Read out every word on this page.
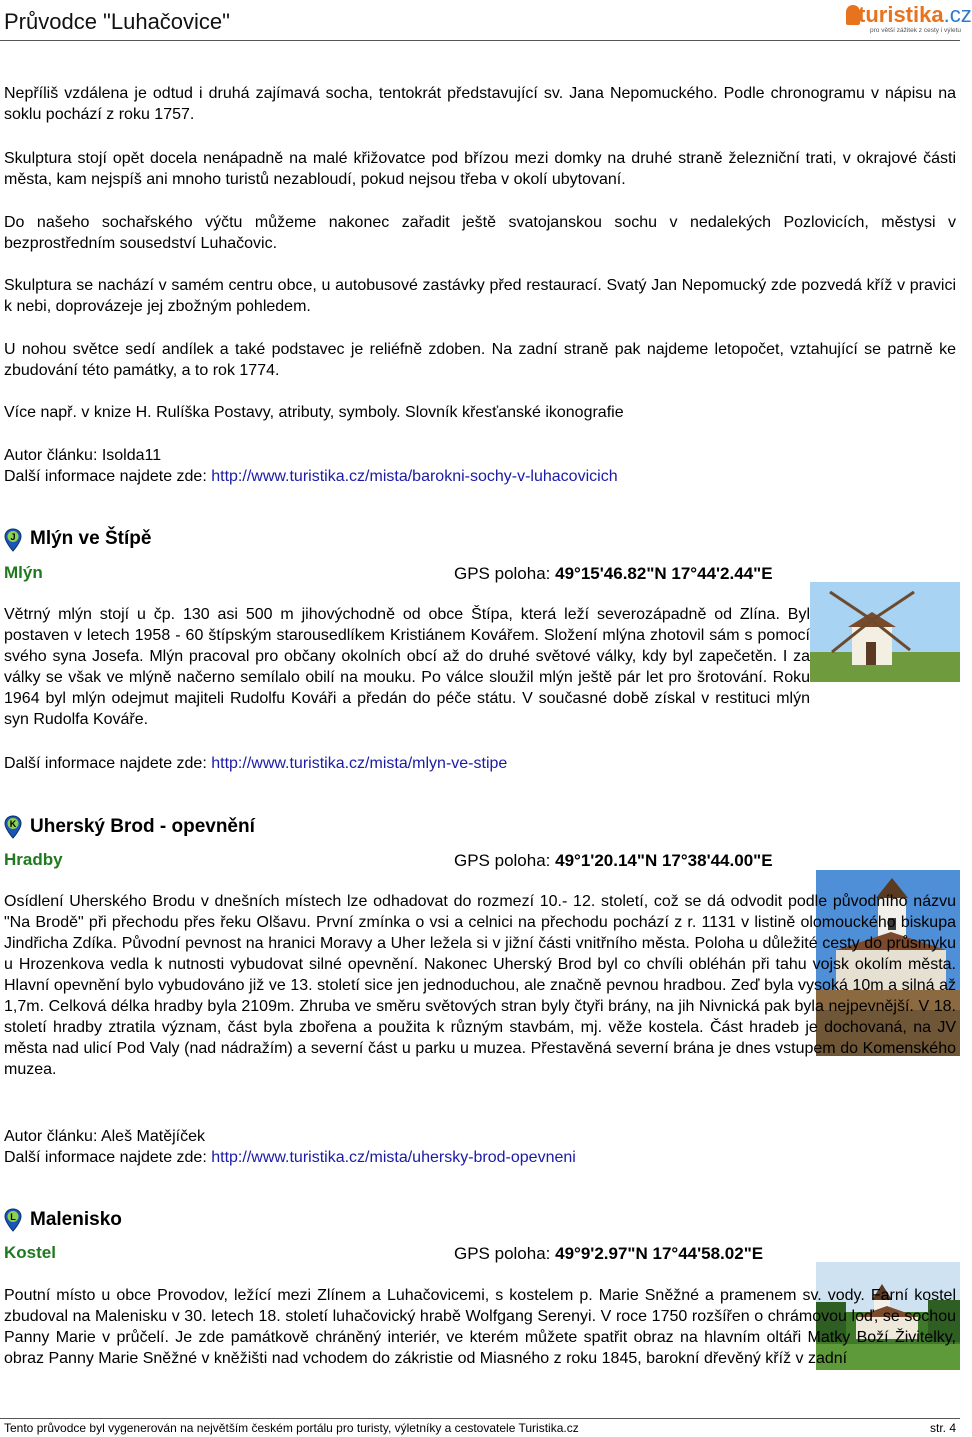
Průvodce "Luhačovice"	turistika.cz
pro větší zážitek z cesty i výletu

Nepříliš vzdálena je odtud i druhá zajímavá socha, tentokrát představující sv. Jana Nepomuckého. Podle chronogramu v nápisu na soklu pochází z roku 1757.

Skulptura stojí opět docela nenápadně na malé křižovatce pod břízou mezi domky na druhé straně železniční trati, v okrajové části města, kam nejspíš ani mnoho turistů nezabloudí, pokud nejsou třeba v okolí ubytovaní.

Do našeho sochařského výčtu můžeme nakonec zařadit ještě svatojanskou sochu v nedalekých Pozlovicích, městysi v bezprostředním sousedství Luhačovic.

Skulptura se nachází v samém centru obce, u autobusové zastávky před restaurací. Svatý Jan Nepomucký zde pozvedá kříž v pravici k nebi, doprovázeje jej zbožným pohledem.

U nohou světce sedí andílek a také podstavec je reliéfně zdoben. Na zadní straně pak najdeme letopočet, vztahující se patrně ke zbudování této památky, a to rok 1774.

Více např. v knize H. Rulíška Postavy, atributy, symboly. Slovník křesťanské ikonografie

Autor článku: Isolda11
Další informace najdete zde: http://www.turistika.cz/mista/barokni-sochy-v-luhacovicich
J Mlýn ve Štípě
Mlýn	GPS poloha: 49°15'46.82"N 17°44'2.44"E

Větrný mlýn stojí u čp. 130 asi 500 m jihovýchodně od obce Štípa, která leží severozápadně od Zlína. Byl postaven v letech 1958 - 60 štípským starousedlíkem Kristiánem Kovářem. Složení mlýna zhotovil sám s pomocí svého syna Josefa. Mlýn pracoval pro občany okolních obcí až do druhé světové války, kdy byl zapečetěn. I za války se však ve mlýně načerno semílalo obilí na mouku. Po válce sloužil mlýn ještě pár let pro šrotování. Roku 1964 byl mlýn odejmut majiteli Rudolfu Kováři a předán do péče státu. V současné době získal v restituci mlýn syn Rudolfa Kováře.

Další informace najdete zde: http://www.turistika.cz/mista/mlyn-ve-stipe
K Uherský Brod - opevnění
Hradby	GPS poloha: 49°1'20.14"N 17°38'44.00"E

Osídlení Uherského Brodu v dnešních místech lze odhadovat do rozmezí 10.- 12. století, což se dá odvodit podle původního názvu "Na Brodě" při přechodu přes řeku Olšavu. První zmínka o vsi a celnici na přechodu pochází z r. 1131 v listině olomouckého biskupa Jindřicha Zdíka. Původní pevnost na hranici Moravy a Uher ležela si v jižní části vnitřního města. Poloha u důležité cesty do průsmyku u Hrozenkova vedla k nutnosti vybudovat silné opevnění. Nakonec Uherský Brod byl co chvíli obléhán při tahu vojsk okolím města. Hlavní opevnění bylo vybudováno již ve 13. století sice jen jednoduchou, ale značně pevnou hradbou. Zeď byla vysoká 10m a silná až 1,7m. Celková délka hradby byla 2109m. Zhruba ve směru světových stran byly čtyři brány, na jih Nivnická pak byla nejpevnější. V 18. století hradby ztratila význam, část byla zbořena a použita k různým stavbám, mj. věže kostela. Část hradeb je dochovaná, na JV města nad ulicí Pod Valy (nad nádražím) a severní část u parku u muzea. Přestavěná severní brána je dnes vstupem do Komenského muzea.

Autor článku: Aleš Matějíček
Další informace najdete zde: http://www.turistika.cz/mista/uhersky-brod-opevneni
L Malenisko
Kostel	GPS poloha: 49°9'2.97"N 17°44'58.02"E

Poutní místo u obce Provodov, ležící mezi Zlínem a Luhačovicemi, s kostelem p. Marie Sněžné a pramenem sv. vody. Farní kostel zbudoval na Malenisku v 30. letech 18. století luhačovický hrabě Wolfgang Serenyi. V roce 1750 rozšířen o chrámovou loď, se sochou Panny Marie v průčelí. Je zde památkově chráněný interiér, ve kterém můžete spatřit obraz na hlavním oltáři Matky Boží Živitelky, obraz Panny Marie Sněžné v kněžišti nad vchodem do zákristie od Miasného z roku 1845, barokní dřevěný kříž v zadní

Tento průvodce byl vygenerován na největším českém portálu pro turisty, výletníky a cestovatele Turistika.cz	str. 4
